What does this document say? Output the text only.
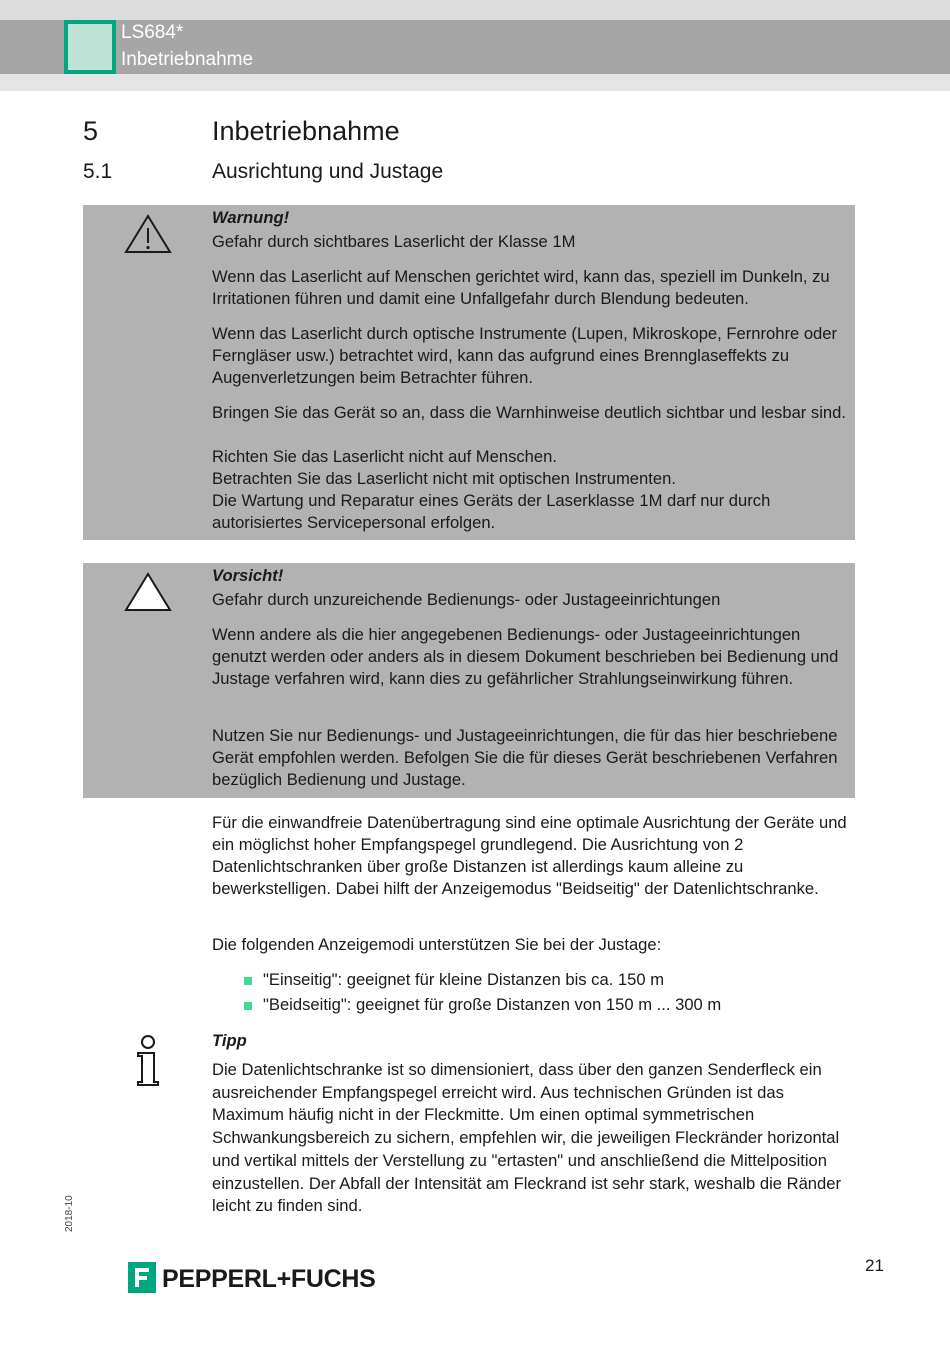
LS684*
Inbetriebnahme
5	Inbetriebnahme
5.1	Ausrichtung und Justage
Warnung!
Gefahr durch sichtbares Laserlicht der Klasse 1M
Wenn das Laserlicht auf Menschen gerichtet wird, kann das, speziell im Dunkeln, zu Irritationen führen und damit eine Unfallgefahr durch Blendung bedeuten.
Wenn das Laserlicht durch optische Instrumente (Lupen, Mikroskope, Fernrohre oder Ferngläser usw.) betrachtet wird, kann das aufgrund eines Brennglaseffekts zu Augenverletzungen beim Betrachter führen.
Bringen Sie das Gerät so an, dass die Warnhinweise deutlich sichtbar und lesbar sind.
Richten Sie das Laserlicht nicht auf Menschen.
Betrachten Sie das Laserlicht nicht mit optischen Instrumenten.
Die Wartung und Reparatur eines Geräts der Laserklasse 1M darf nur durch autorisiertes Servicepersonal erfolgen.
Vorsicht!
Gefahr durch unzureichende Bedienungs- oder Justageeinrichtungen
Wenn andere als die hier angegebenen Bedienungs- oder Justageeinrichtungen genutzt werden oder anders als in diesem Dokument beschrieben bei Bedienung und Justage verfahren wird, kann dies zu gefährlicher Strahlungseinwirkung führen.
Nutzen Sie nur Bedienungs- und Justageeinrichtungen, die für das hier beschriebene Gerät empfohlen werden. Befolgen Sie die für dieses Gerät beschriebenen Verfahren bezüglich Bedienung und Justage.
Für die einwandfreie Datenübertragung sind eine optimale Ausrichtung der Geräte und ein möglichst hoher Empfangspegel grundlegend. Die Ausrichtung von 2 Datenlichtschranken über große Distanzen ist allerdings kaum alleine zu bewerkstelligen. Dabei hilft der Anzeigemodus "Beidseitig" der Datenlichtschranke.
Die folgenden Anzeigemodi unterstützen Sie bei der Justage:
"Einseitig": geeignet für kleine Distanzen bis ca. 150 m
"Beidseitig": geeignet für große Distanzen von 150 m ... 300 m
Tipp
Die Datenlichtschranke ist so dimensioniert, dass über den ganzen Senderfleck ein ausreichender Empfangspegel erreicht wird. Aus technischen Gründen ist das Maximum häufig nicht in der Fleckmitte. Um einen optimal symmetrischen Schwankungsbereich zu sichern, empfehlen wir, die jeweiligen Fleckränder horizontal und vertikal mittels der Verstellung zu "ertasten" und anschließend die Mittelposition einzustellen. Der Abfall der Intensität am Fleckrand ist sehr stark, weshalb die Ränder leicht zu finden sind.
2018-10
PEPPERL+FUCHS	21
